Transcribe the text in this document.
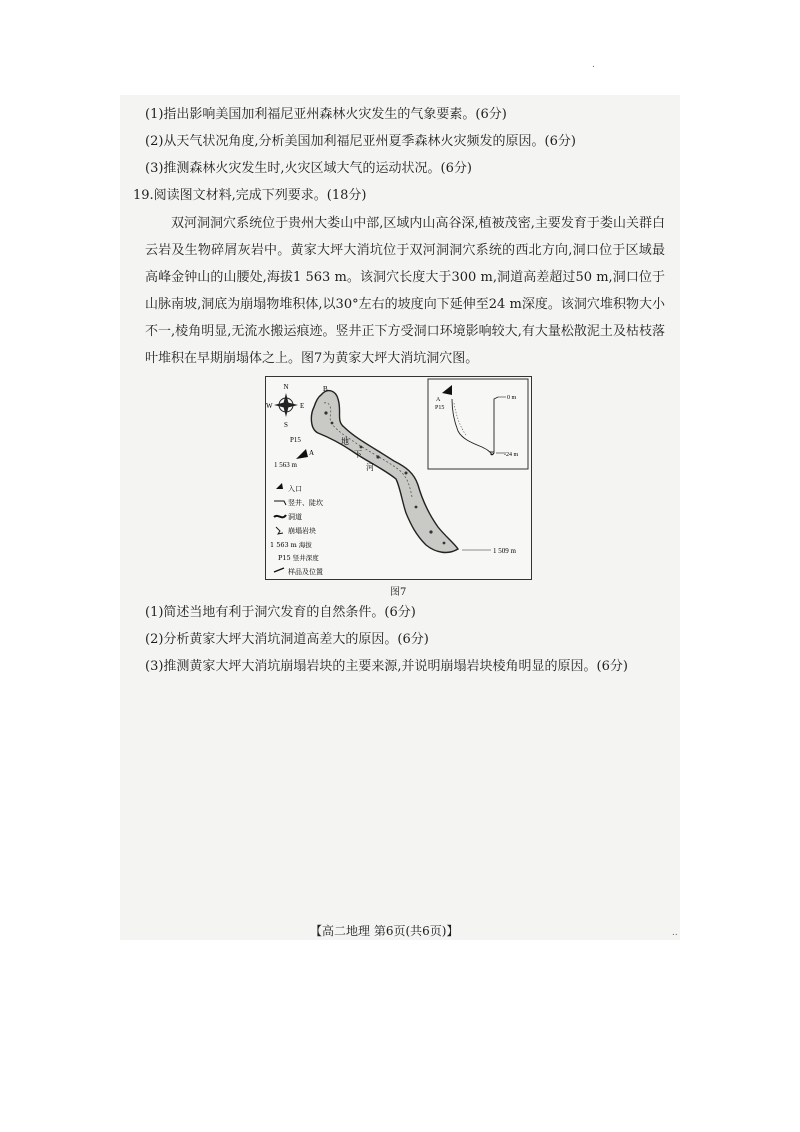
.
(1)指出影响美国加利福尼亚州森林火灾发生的气象要素。(6分)
(2)从天气状况角度,分析美国加利福尼亚州夏季森林火灾频发的原因。(6分)
(3)推测森林火灾发生时,火灾区域大气的运动状况。(6分)
19.阅读图文材料,完成下列要求。(18分)
双河洞洞穴系统位于贵州大娄山中部,区域内山高谷深,植被茂密,主要发育于娄山关群白云岩及生物碎屑灰岩中。黄家大坪大消坑位于双河洞洞穴系统的西北方向,洞口位于区域最高峰金钟山的山腰处,海拔1 563 m。该洞穴长度大于300 m,洞道高差超过50 m,洞口位于山脉南坡,洞底为崩塌物堆积体,以30°左右的坡度向下延伸至24 m深度。该洞穴堆积物大小不一,棱角明显,无流水搬运痕迹。竖井正下方受洞口环境影响较大,有大量松散泥土及枯枝落叶堆积在早期崩塌体之上。图7为黄家大坪大消坑洞穴图。
N
S
E
W
P15
A
B
1 563 m
1 509 m
地
下
河
入口
竖井、陡坎
洞道
崩塌岩块
1 563 m 海拔
P15 竖井深度
样品及位置
A
P15
0 m
-24 m
B
图7
(1)简述当地有利于洞穴发育的自然条件。(6分)
(2)分析黄家大坪大消坑洞道高差大的原因。(6分)
(3)推测黄家大坪大消坑崩塌岩块的主要来源,并说明崩塌岩块棱角明显的原因。(6分)
【高二地理 第6页(共6页)】	..
